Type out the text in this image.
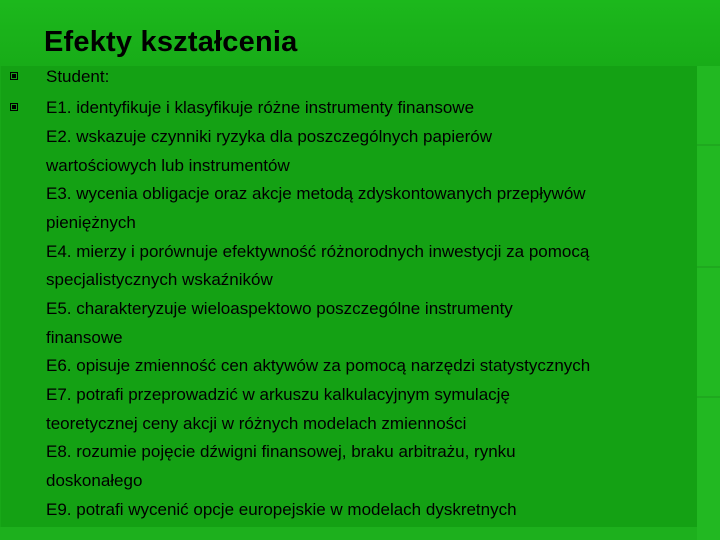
Efekty kształcenia
Student:
E1. identyfikuje i klasyfikuje różne instrumenty finansowe
E2. wskazuje czynniki ryzyka dla poszczególnych papierów
wartościowych lub instrumentów
E3. wycenia obligacje oraz akcje metodą zdyskontowanych przepływów
pieniężnych
E4. mierzy i porównuje efektywność różnorodnych inwestycji za pomocą
specjalistycznych wskaźników
E5. charakteryzuje wieloaspektowo poszczególne instrumenty
finansowe
E6. opisuje zmienność cen aktywów za pomocą narzędzi statystycznych
E7. potrafi przeprowadzić w arkuszu kalkulacyjnym symulację
teoretycznej ceny akcji w różnych modelach zmienności
E8. rozumie pojęcie dźwigni finansowej, braku arbitrażu, rynku
doskonałego
E9. potrafi wycenić opcje europejskie w modelach dyskretnych
